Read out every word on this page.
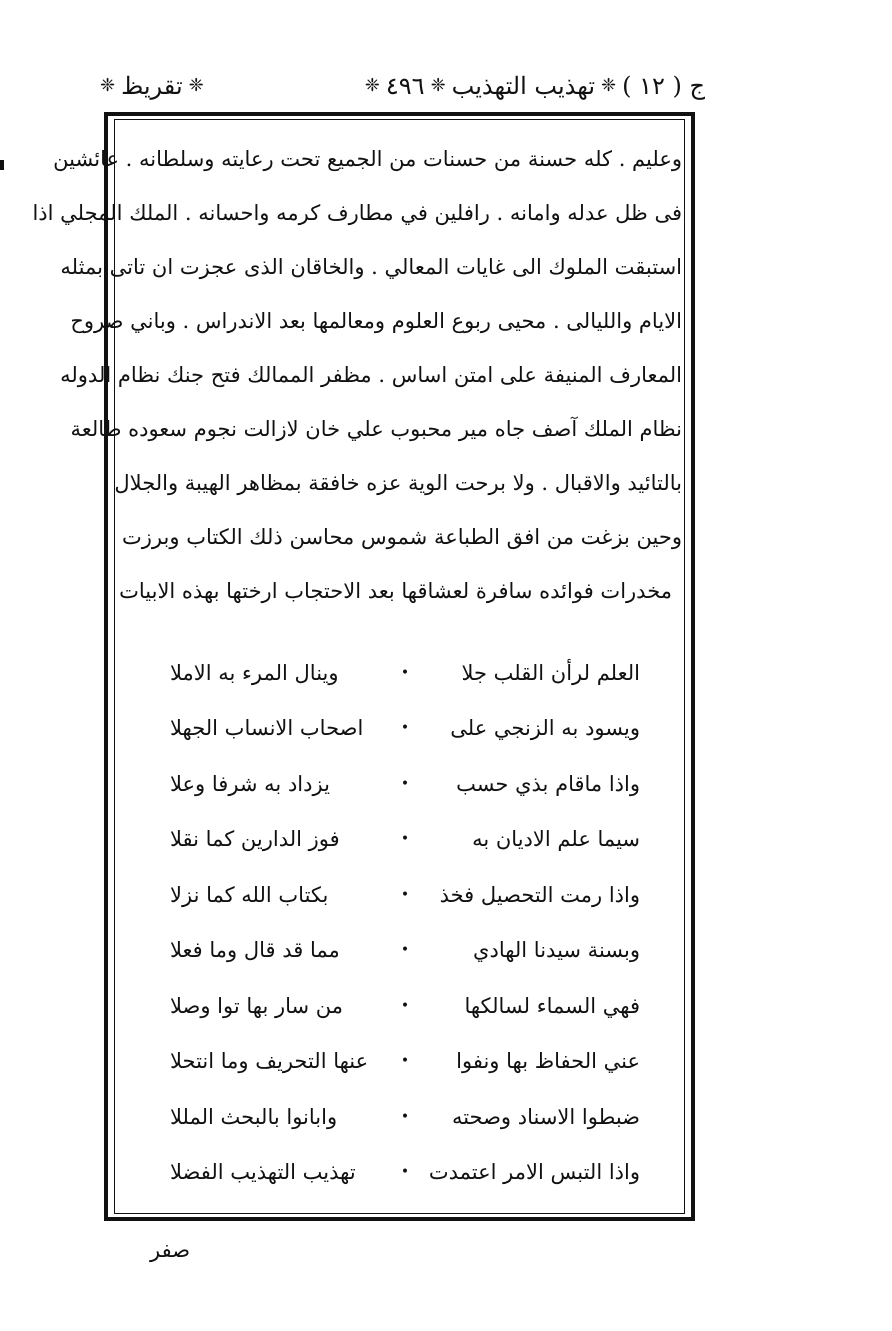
ج ( ١٢ )
❈
تهذيب التهذيب
❈
٤٩٦
❈
❈
تقريظ
❈
وعليم . كله حسنة من حسنات من الجميع تحت رعايته وسلطانه . عائشين
فى ظل عدله وامانه . رافلين في مطارف كرمه واحسانه . الملك المجلي اذا
استبقت الملوك الى غايات المعالي . والخاقان الذى عجزت ان تاتى بمثله
الايام والليالى . محيى ربوع العلوم ومعالمها بعد الاندراس . وباني صروح
المعارف المنيفة على امتن اساس . مظفر الممالك فتح جنك نظام الدوله
نظام الملك آصف جاه مير محبوب علي خان لازالت نجوم سعوده طالعة
بالتائيد والاقبال . ولا برحت الوية عزه خافقة بمظاهر الهيبة والجلال
وحين بزغت من افق الطباعة شموس محاسن ذلك الكتاب وبرزت
مخدرات فوائده سافرة لعشاقها بعد الاحتجاب ارختها بهذه الابيات
العلم لرأن القلب جلا
•
وينال المرء به الاملا
ويسود به الزنجي على
•
اصحاب الانساب الجهلا
واذا ماقام بذي حسب
•
يزداد به شرفا وعلا
سيما علم الاديان به
•
فوز الدارين كما نقلا
واذا رمت التحصيل فخذ
•
بكتاب الله كما نزلا
وبسنة سيدنا الهادي
•
مما قد قال وما فعلا
فهي السماء لسالكها
•
من سار بها توا وصلا
عني الحفاظ بها ونفوا
•
عنها التحريف وما انتحلا
ضبطوا الاسناد وصحته
•
وابانوا بالبحث المللا
واذا التبس الامر اعتمدت
•
تهذيب التهذيب الفضلا
صفر
